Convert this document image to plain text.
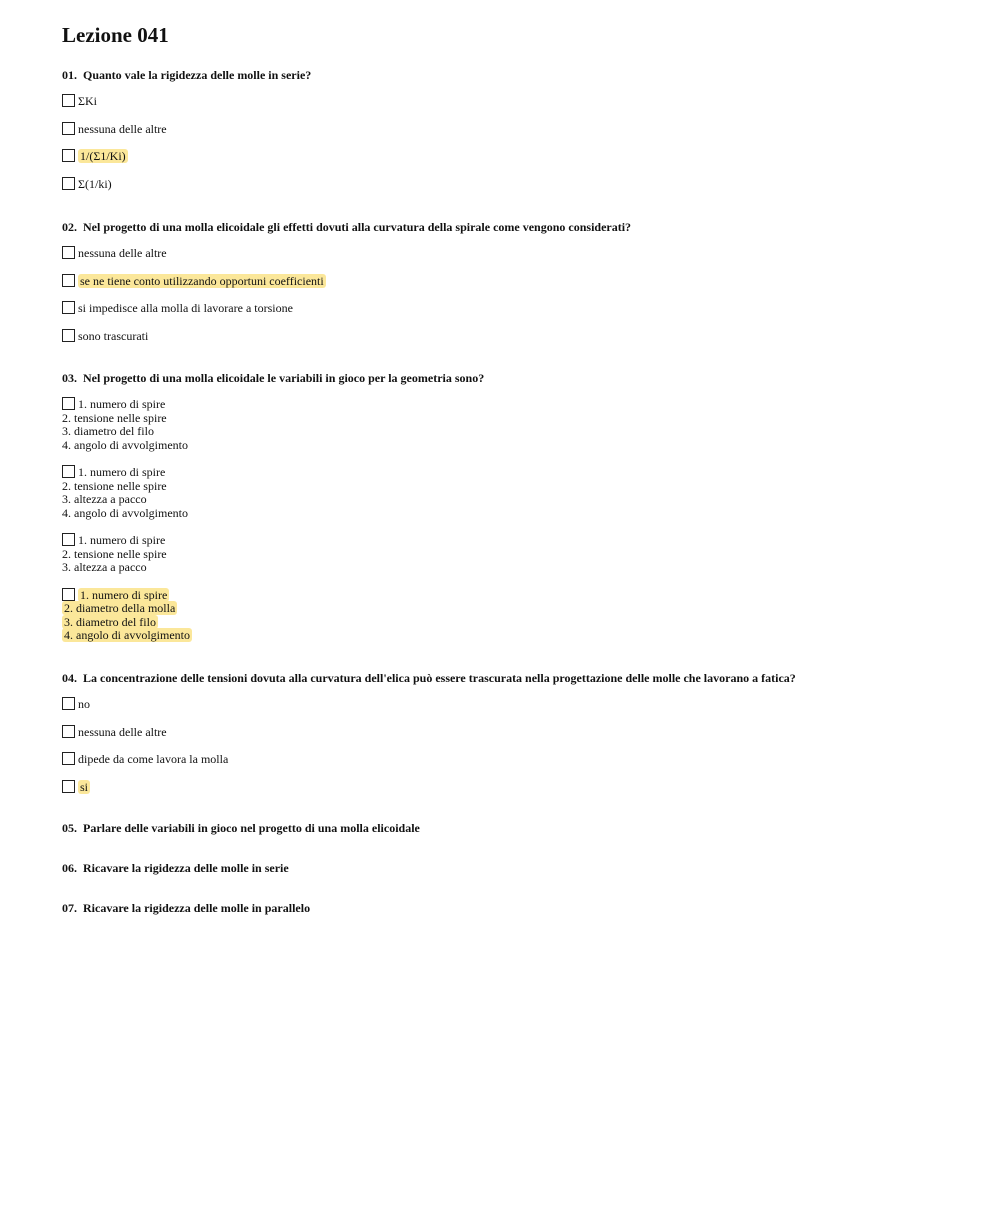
Lezione 041

01. Quanto vale la rigidezza delle molle in serie?

ΣKi
nessuna delle altre
1/(Σ1/Ki)
Σ(1/ki)

02. Nel progetto di una molla elicoidale gli effetti dovuti alla curvatura della spirale come vengono considerati?

nessuna delle altre
se ne tiene conto utilizzando opportuni coefficienti
si impedisce alla molla di lavorare a torsione
sono trascurati

03. Nel progetto di una molla elicoidale le variabili in gioco per la geometria sono?

1. numero di spire
2. tensione nelle spire
3. diametro del filo
4. angolo di avvolgimento
1. numero di spire
2. tensione nelle spire
3. altezza a pacco
4. angolo di avvolgimento
1. numero di spire
2. tensione nelle spire
3. altezza a pacco
1. numero di spire
2. diametro della molla
3. diametro del filo
4. angolo di avvolgimento

04. La concentrazione delle tensioni dovuta alla curvatura dell'elica può essere trascurata nella progettazione delle molle che lavorano a fatica?

no
nessuna delle altre
dipede da come lavora la molla
si

05. Parlare delle variabili in gioco nel progetto di una molla elicoidale

06. Ricavare la rigidezza delle molle in serie

07. Ricavare la rigidezza delle molle in parallelo
